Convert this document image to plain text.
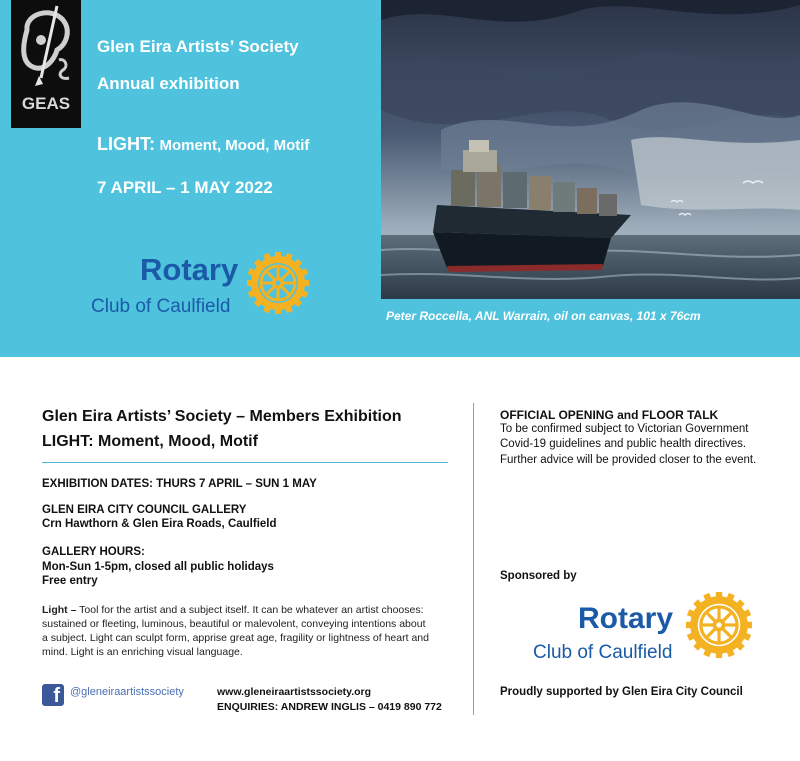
GEAS
Glen Eira Artists’ Society
Annual exhibition
LIGHT: Moment, Mood, Motif
7 APRIL – 1 MAY 2022
Rotary
Club of Caulfield	Peter Roccella, ANL Warrain, oil on canvas, 101 x 76cm
Glen Eira Artists’ Society – Members Exhibition
LIGHT: Moment, Mood, Motif
EXHIBITION DATES: THURS 7 APRIL – SUN 1 MAY
GLEN EIRA CITY COUNCIL GALLERY
Crn Hawthorn & Glen Eira Roads, Caulfield
GALLERY HOURS:
Mon-Sun 1-5pm, closed all public holidays
Free entry
Light – Tool for the artist and a subject itself. It can be whatever an artist chooses: sustained or fleeting, luminous, beautiful or malevolent, conveying intentions about a subject. Light can sculpt form, apprise great age, fragility or lightness of heart and mind. Light is an enriching visual language.
f @gleneiraartistssociety	www.gleneiraartistssociety.org
ENQUIRIES: ANDREW INGLIS – 0419 890 772
OFFICIAL OPENING and FLOOR TALK
To be confirmed subject to Victorian Government
Covid-19 guidelines and public health directives.
Further advice will be provided closer to the event.
Sponsored by
Rotary
Club of Caulfield
Proudly supported by Glen Eira City Council
